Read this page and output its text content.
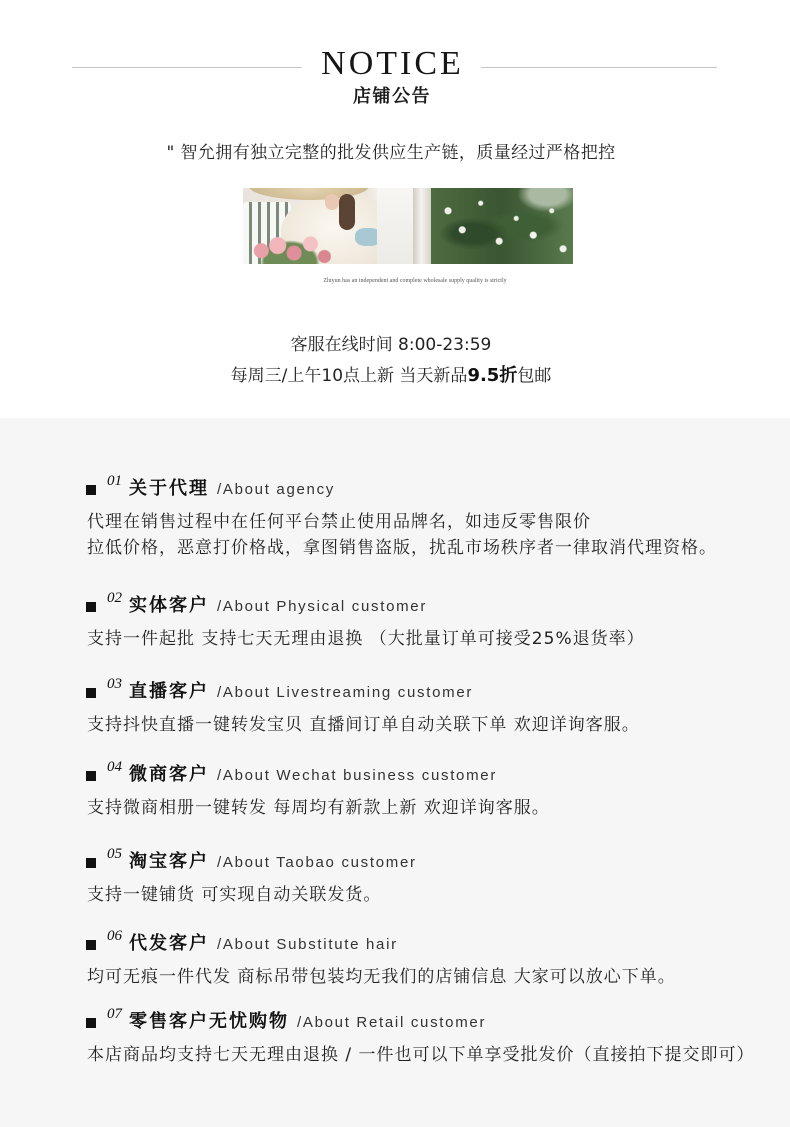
NOTICE
店铺公告
" 智允拥有独立完整的批发供应生产链，质量经过严格把控
Zhiyun has an independent and complete wholesale supply quality is strictly
客服在线时间 8:00-23:59
每周三/上午10点上新 当天新品9.5折包邮
01 关于代理 /About agency
代理在销售过程中在任何平台禁止使用品牌名，如违反零售限价
拉低价格，恶意打价格战，拿图销售盗版，扰乱市场秩序者一律取消代理资格。
02 实体客户 /About Physical customer
支持一件起批 支持七天无理由退换 （大批量订单可接受25%退货率）
03 直播客户 /About Livestreaming customer
支持抖快直播一键转发宝贝 直播间订单自动关联下单 欢迎详询客服。
04 微商客户 /About Wechat business customer
支持微商相册一键转发 每周均有新款上新 欢迎详询客服。
05 淘宝客户 /About Taobao customer
支持一键铺货 可实现自动关联发货。
06 代发客户 /About Substitute hair
均可无痕一件代发 商标吊带包装均无我们的店铺信息 大家可以放心下单。
07 零售客户无忧购物 /About Retail customer
本店商品均支持七天无理由退换 / 一件也可以下单享受批发价（直接拍下提交即可）
